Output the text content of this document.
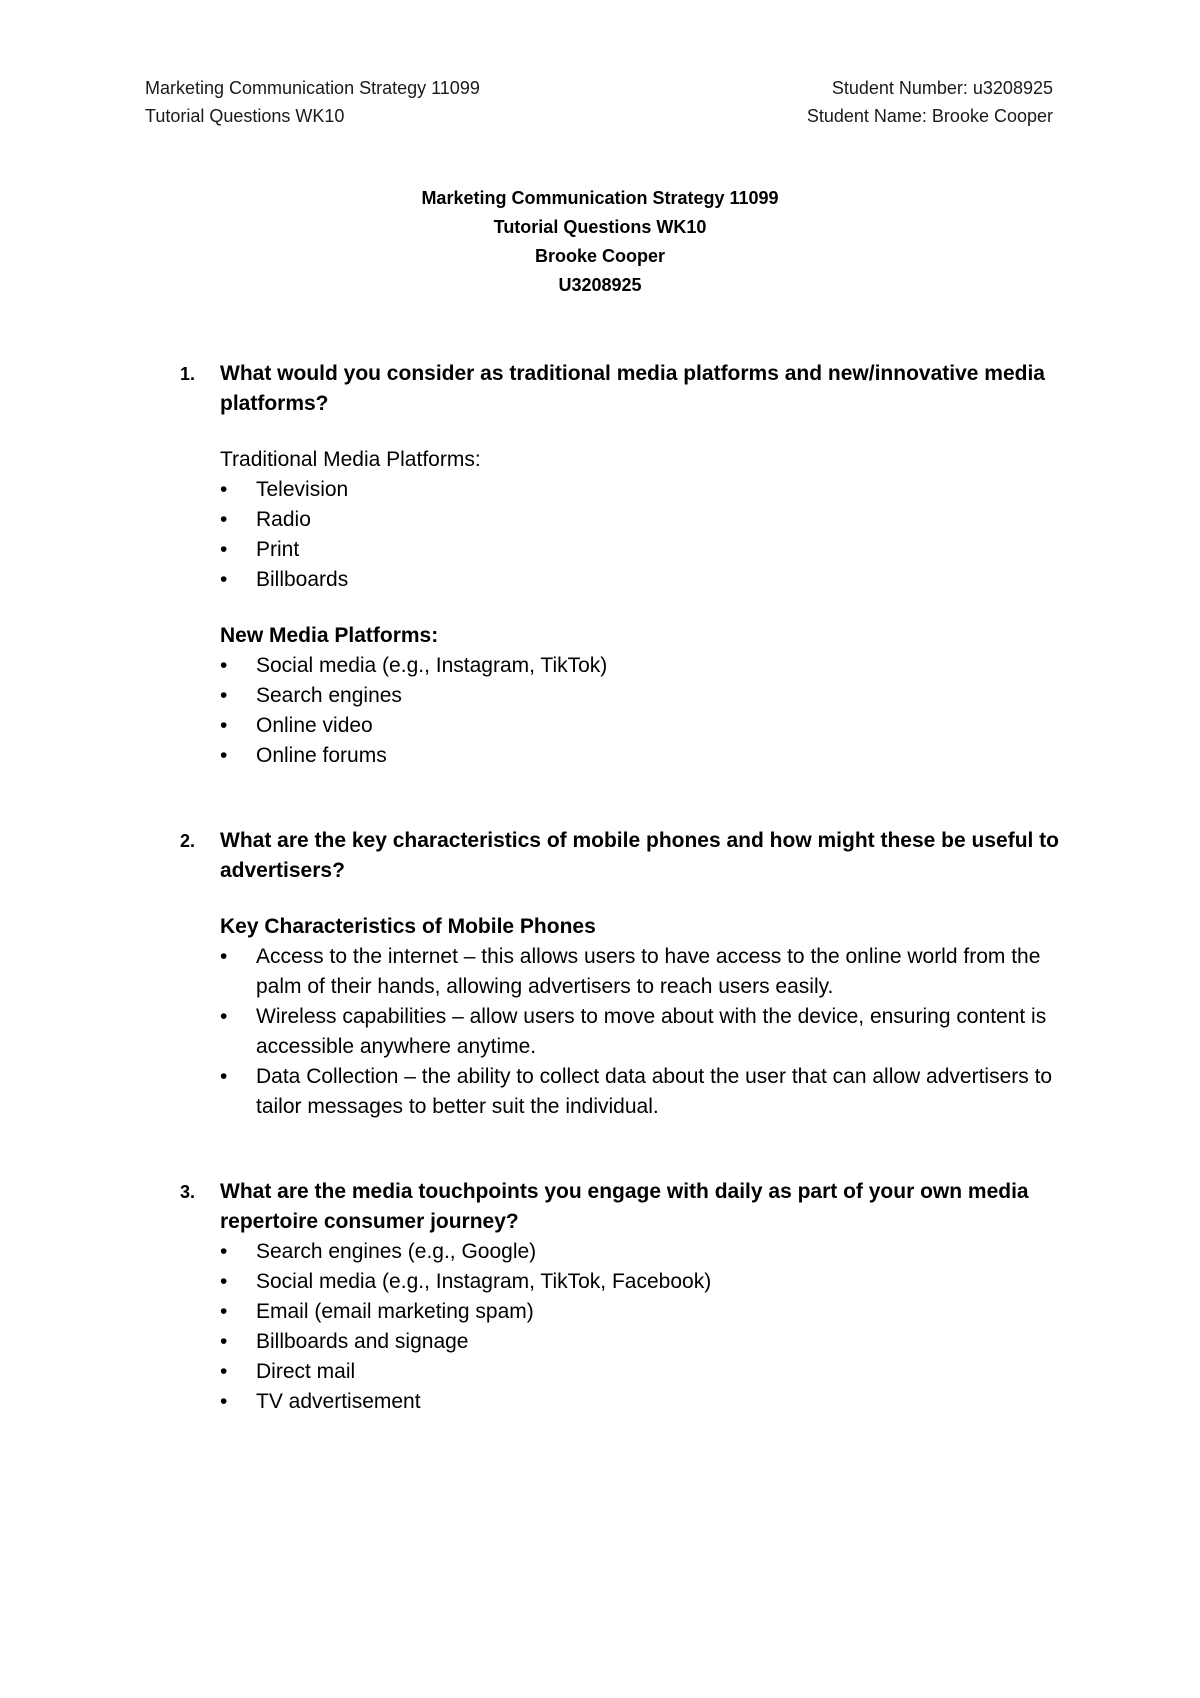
Marketing Communication Strategy 11099
Tutorial Questions WK10
Student Number: u3208925
Student Name: Brooke Cooper
Marketing Communication Strategy 11099
Tutorial Questions WK10
Brooke Cooper
U3208925
1. What would you consider as traditional media platforms and new/innovative media platforms?
Traditional Media Platforms:
• Television
• Radio
• Print
• Billboards
New Media Platforms:
• Social media (e.g., Instagram, TikTok)
• Search engines
• Online video
• Online forums
2. What are the key characteristics of mobile phones and how might these be useful to advertisers?
Key Characteristics of Mobile Phones
• Access to the internet – this allows users to have access to the online world from the palm of their hands, allowing advertisers to reach users easily.
• Wireless capabilities – allow users to move about with the device, ensuring content is accessible anywhere anytime.
• Data Collection – the ability to collect data about the user that can allow advertisers to tailor messages to better suit the individual.
3. What are the media touchpoints you engage with daily as part of your own media repertoire consumer journey?
• Search engines (e.g., Google)
• Social media (e.g., Instagram, TikTok, Facebook)
• Email (email marketing spam)
• Billboards and signage
• Direct mail
• TV advertisement
